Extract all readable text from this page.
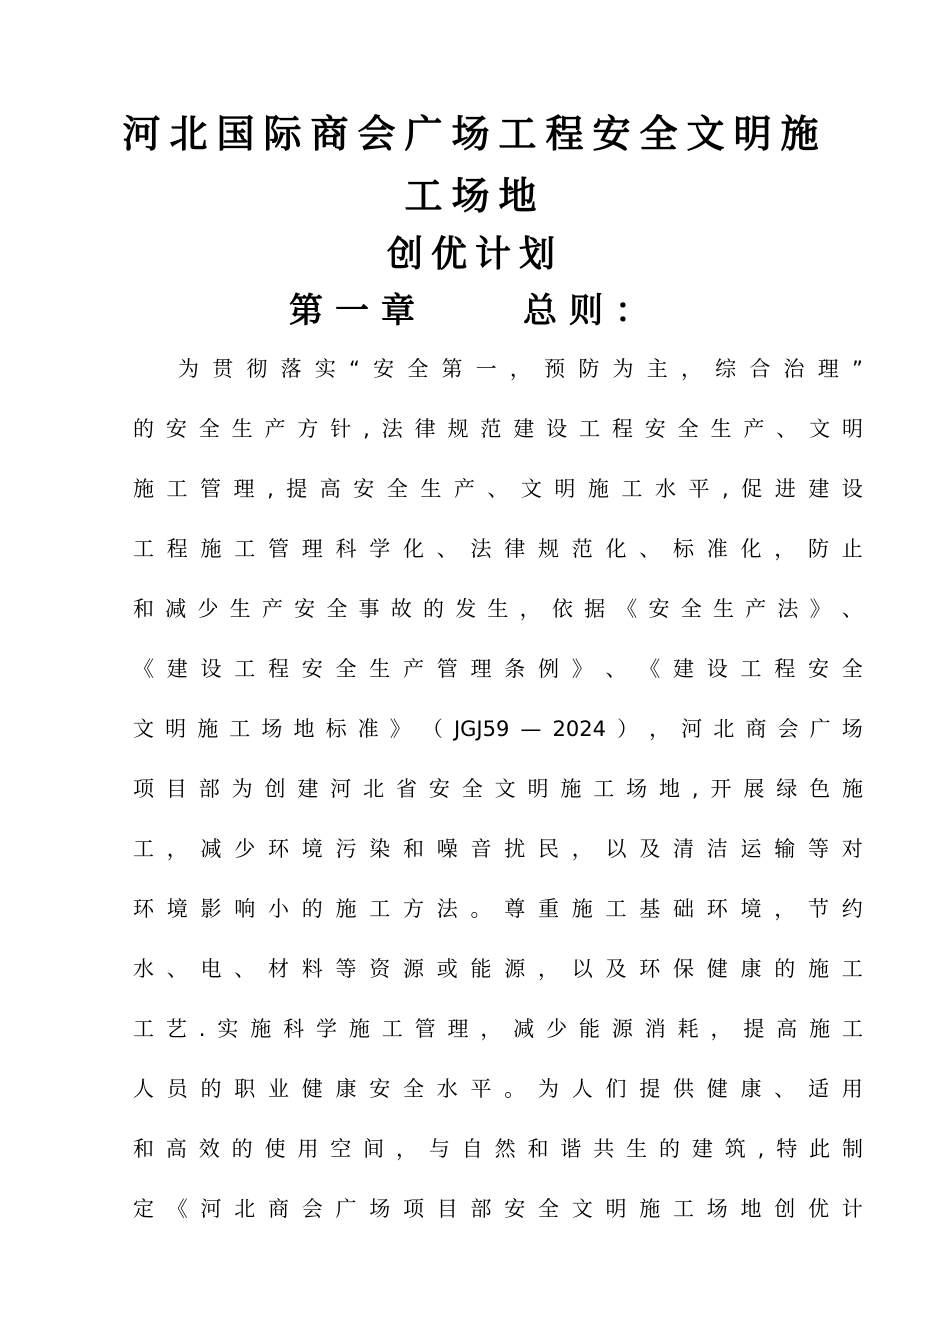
河北国际商会广场工程安全文明施
工场地
创优计划
第一章	总则：
为 贯 彻 落 实 “ 安 全 第 一 ， 预 防 为 主 ， 综 合 治 理 ”
的 安 全 生 产 方 针 , 法 律 规 范 建 设 工 程 安 全 生 产 、 文 明
施 工 管 理 , 提 高 安 全 生 产 、 文 明 施 工 水 平 , 促 进 建 设
工 程 施 工 管 理 科 学 化 、 法 律 规 范 化 、 标 准 化 ， 防 止
和 减 少 生 产 安 全 事 故 的 发 生 ， 依 据 《 安 全 生 产 法 》 、
《 建 设 工 程 安 全 生 产 管 理 条 例 》 、 《 建 设 工 程 安 全
文 明 施 工 场 地 标 准 》 （ JGJ59 — 2024 ） ， 河 北 商 会 广 场
项 目 部 为 创 建 河 北 省 安 全 文 明 施 工 场 地 , 开 展 绿 色 施
工 ， 减 少 环 境 污 染 和 噪 音 扰 民 ， 以 及 清 洁 运 输 等 对
环 境 影 响 小 的 施 工 方 法 。 尊 重 施 工 基 础 环 境 ， 节 约
水 、 电 、 材 料 等 资 源 或 能 源 ， 以 及 环 保 健 康 的 施 工
工 艺 . 实 施 科 学 施 工 管 理 ， 减 少 能 源 消 耗 ， 提 高 施 工
人 员 的 职 业 健 康 安 全 水 平 。 为 人 们 提 供 健 康 、 适 用
和 高 效 的 使 用 空 间 ， 与 自 然 和 谐 共 生 的 建 筑 , 特 此 制
定 《 河 北 商 会 广 场 项 目 部 安 全 文 明 施 工 场 地 创 优 计
